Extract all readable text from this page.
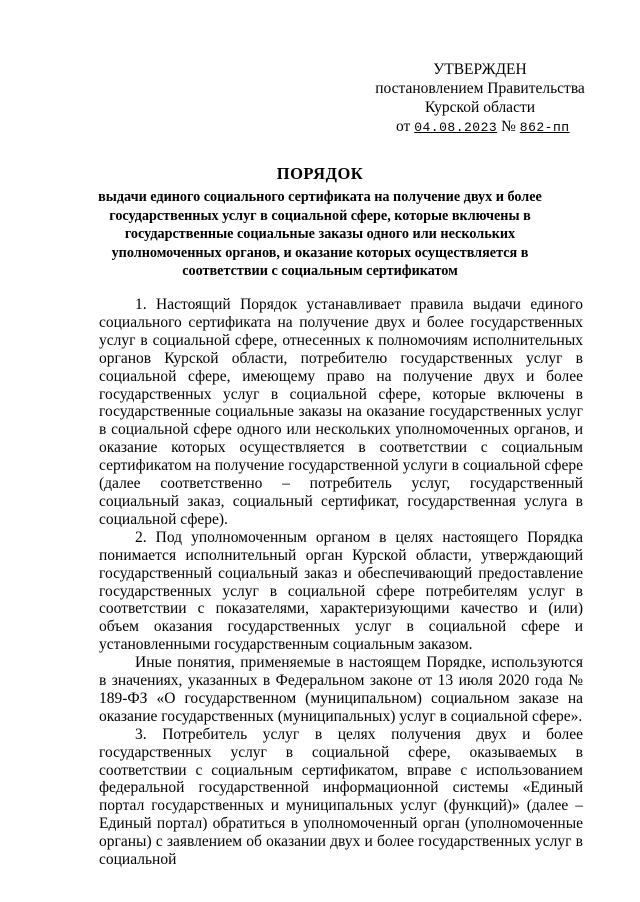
УТВЕРЖДЕН
постановлением Правительства
Курской области
от 04.08.2023 № 862-пп
ПОРЯДОК
выдачи единого социального сертификата на получение двух и более государственных услуг в социальной сфере, которые включены в государственные социальные заказы одного или нескольких уполномоченных органов, и оказание которых осуществляется в соответствии с социальным сертификатом

1. Настоящий Порядок устанавливает правила выдачи единого социального сертификата на получение двух и более государственных услуг в социальной сфере, отнесенных к полномочиям исполнительных органов Курской области, потребителю государственных услуг в социальной сфере, имеющему право на получение двух и более государственных услуг в социальной сфере, которые включены в государственные социальные заказы на оказание государственных услуг в социальной сфере одного или нескольких уполномоченных органов, и оказание которых осуществляется в соответствии с социальным сертификатом на получение государственной услуги в социальной сфере (далее соответственно – потребитель услуг, государственный социальный заказ, социальный сертификат, государственная услуга в социальной сфере).

2. Под уполномоченным органом в целях настоящего Порядка понимается исполнительный орган Курской области, утверждающий государственный социальный заказ и обеспечивающий предоставление государственных услуг в социальной сфере потребителям услуг в соответствии с показателями, характеризующими качество и (или) объем оказания государственных услуг в социальной сфере и установленными государственным социальным заказом.

Иные понятия, применяемые в настоящем Порядке, используются в значениях, указанных в Федеральном законе от 13 июля 2020 года № 189-ФЗ «О государственном (муниципальном) социальном заказе на оказание государственных (муниципальных) услуг в социальной сфере».

3. Потребитель услуг в целях получения двух и более государственных услуг в социальной сфере, оказываемых в соответствии с социальным сертификатом, вправе с использованием федеральной государственной информационной системы «Единый портал государственных и муниципальных услуг (функций)» (далее – Единый портал) обратиться в уполномоченный орган (уполномоченные органы) с заявлением об оказании двух и более государственных услуг в социальной
